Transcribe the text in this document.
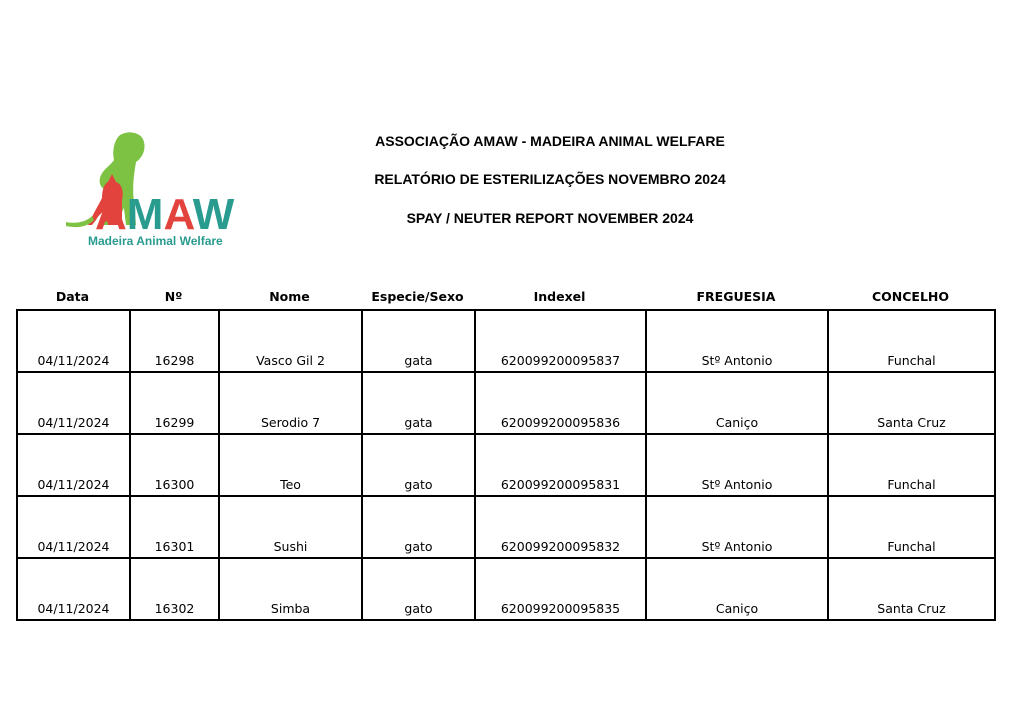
AMAW
Madeira Animal Welfare
ASSOCIAÇÃO AMAW - MADEIRA ANIMAL WELFARE
RELATÓRIO DE ESTERILIZAÇÕES NOVEMBRO 2024
SPAY / NEUTER REPORT NOVEMBER 2024
Data	Nº	Nome	Especie/Sexo	Indexel	FREGUESIA	CONCELHO
04/11/2024	16298	Vasco Gil 2	gata	620099200095837	Stº Antonio	Funchal
04/11/2024	16299	Serodio 7	gata	620099200095836	Caniço	Santa Cruz
04/11/2024	16300	Teo	gato	620099200095831	Stº Antonio	Funchal
04/11/2024	16301	Sushi	gato	620099200095832	Stº Antonio	Funchal
04/11/2024	16302	Simba	gato	620099200095835	Caniço	Santa Cruz
